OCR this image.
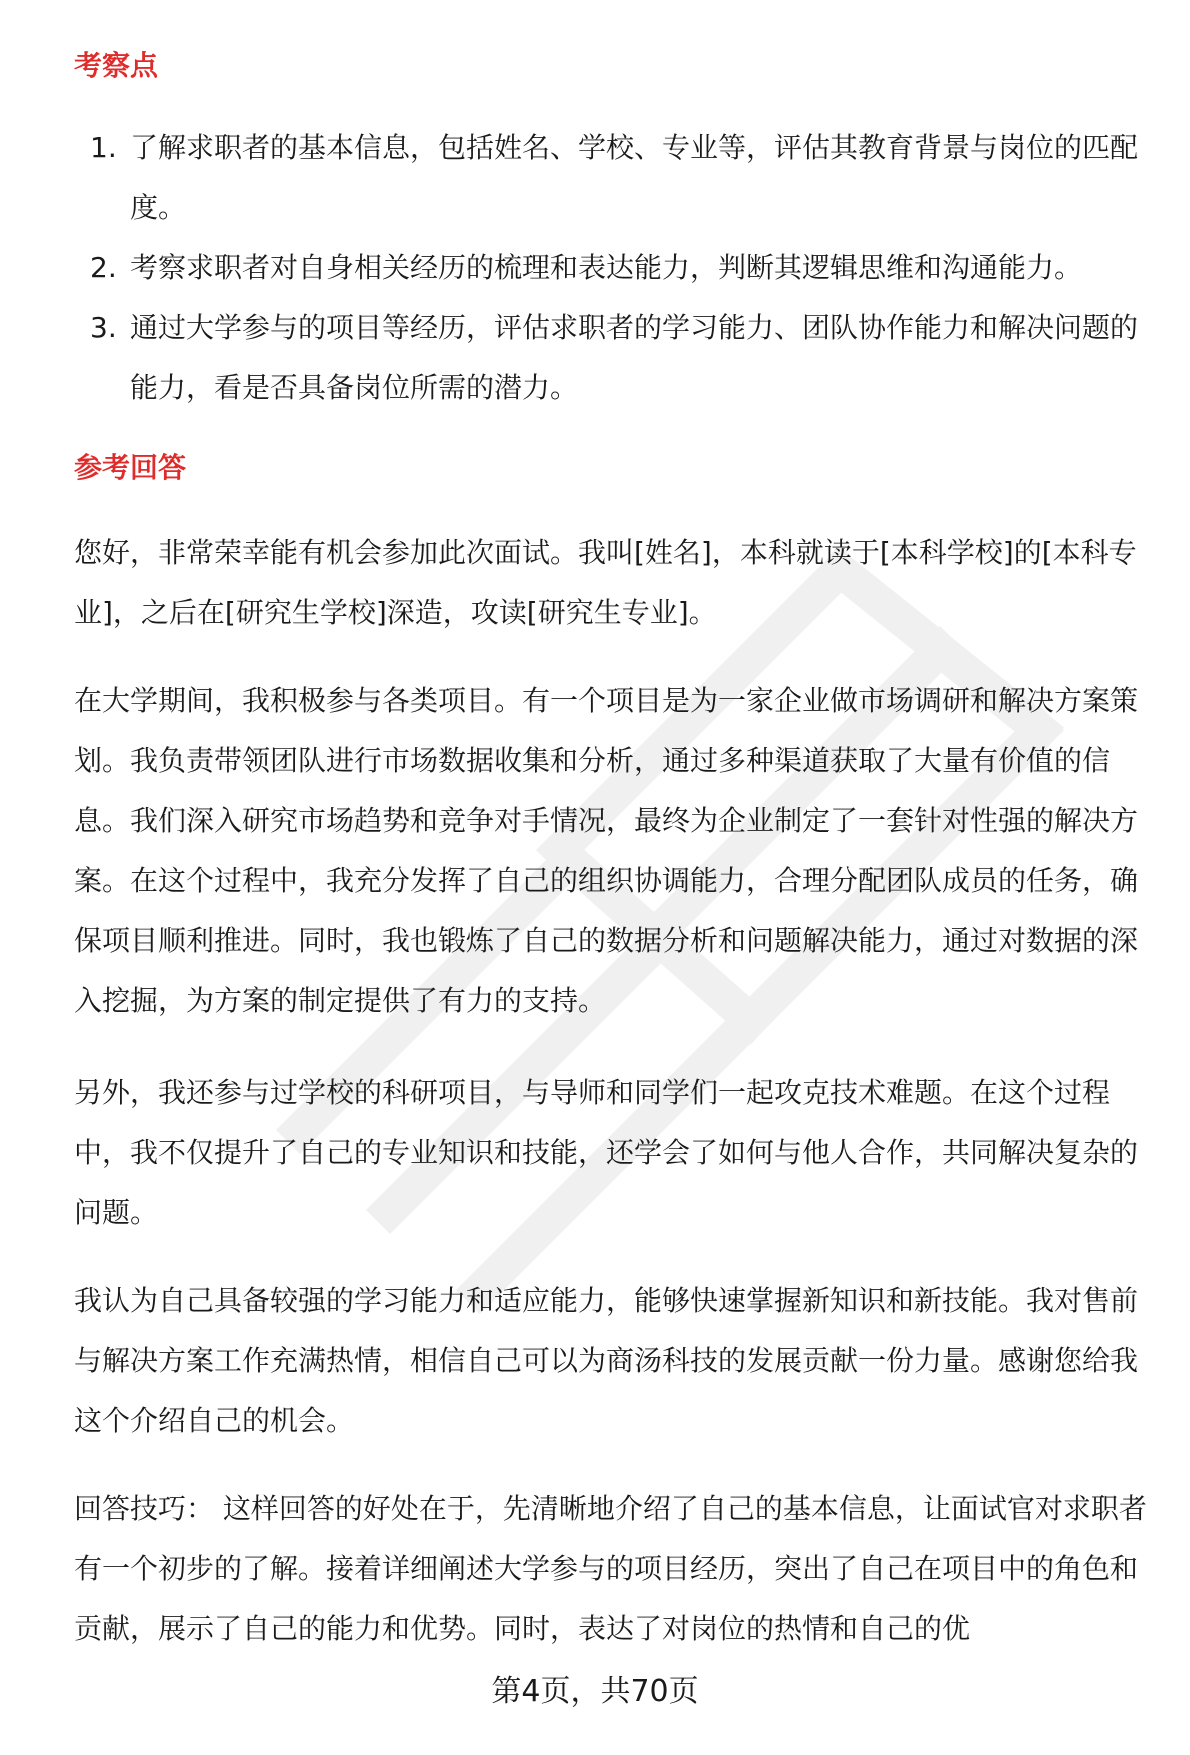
考察点
1. 了解求职者的基本信息，包括姓名、学校、专业等，评估其教育背景与岗位的匹配度。
2. 考察求职者对自身相关经历的梳理和表达能力，判断其逻辑思维和沟通能力。
3. 通过大学参与的项目等经历，评估求职者的学习能力、团队协作能力和解决问题的能力，看是否具备岗位所需的潜力。
参考回答

您好，非常荣幸能有机会参加此次面试。我叫[姓名]，本科就读于[本科学校]的[本科专业]，之后在[研究生学校]深造，攻读[研究生专业]。

在大学期间，我积极参与各类项目。有一个项目是为一家企业做市场调研和解决方案策划。我负责带领团队进行市场数据收集和分析，通过多种渠道获取了大量有价值的信息。我们深入研究市场趋势和竞争对手情况，最终为企业制定了一套针对性强的解决方案。在这个过程中，我充分发挥了自己的组织协调能力，合理分配团队成员的任务，确保项目顺利推进。同时，我也锻炼了自己的数据分析和问题解决能力，通过对数据的深入挖掘，为方案的制定提供了有力的支持。

另外，我还参与过学校的科研项目，与导师和同学们一起攻克技术难题。在这个过程中，我不仅提升了自己的专业知识和技能，还学会了如何与他人合作，共同解决复杂的问题。

我认为自己具备较强的学习能力和适应能力，能够快速掌握新知识和新技能。我对售前与解决方案工作充满热情，相信自己可以为商汤科技的发展贡献一份力量。感谢您给我这个介绍自己的机会。

回答技巧： 这样回答的好处在于，先清晰地介绍了自己的基本信息，让面试官对求职者有一个初步的了解。接着详细阐述大学参与的项目经历，突出了自己在项目中的角色和贡献，展示了自己的能力和优势。同时，表达了对岗位的热情和自己的优

第4页，共70页
